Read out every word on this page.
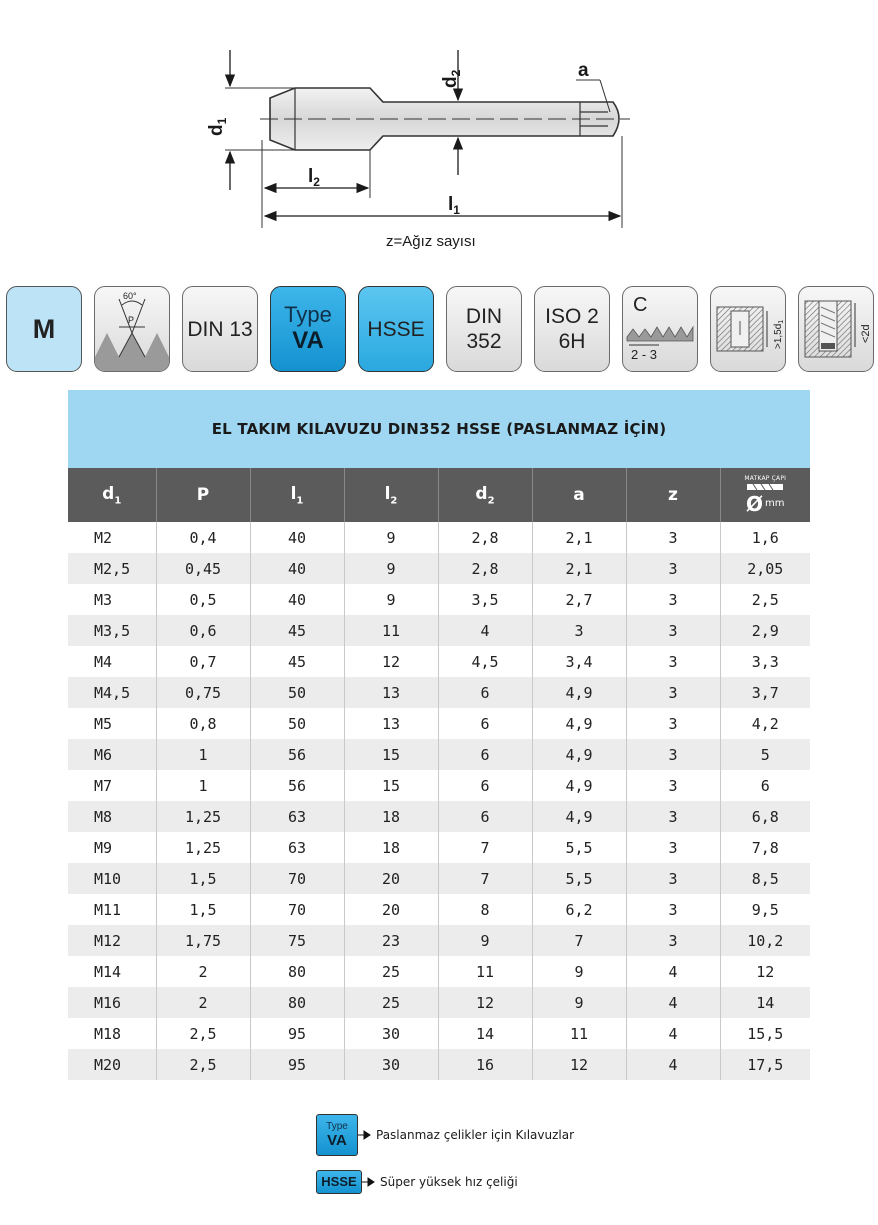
$d_1$
$d_2$	a
$l_2$
$l_1$
z=Ağız sayısı
M
60°
P	DIN 13
Type
VA HSSE
DIN
352
ISO 2
6H
C
2 - 3
$>1,5d_1$
<2d
EL TAKIM KILAVUZU DIN352 HSSE (PASLANMAZ İÇİN)
$d_1$	P	$l_1$	$l_2$	$d_2$	a	z	MATKAP ÇAPI
Ø mm

M2	0,4	40	9	2,8	2,1	3	1,6
M2,5	0,45	40	9	2,8	2,1	3	2,05
M3	0,5	40	9	3,5	2,7	3	2,5
M3,5	0,6	45	11	4	3	3	2,9
M4	0,7	45	12	4,5	3,4	3	3,3
M4,5	0,75	50	13	6	4,9	3	3,7
M5	0,8	50	13	6	4,9	3	4,2
M6	1	56	15	6	4,9	3	5
M7	1	56	15	6	4,9	3	6
M8	1,25	63	18	6	4,9	3	6,8
M9	1,25	63	18	7	5,5	3	7,8
M10	1,5	70	20	7	5,5	3	8,5
M11	1,5	70	20	8	6,2	3	9,5
M12	1,75	75	23	9	7	3	10,2
M14	2	80	25	11	9	4	12
M16	2	80	25	12	9	4	14
M18	2,5	95	30	14	11	4	15,5
M20	2,5	95	30	16	12	4	17,5
Type
VA	Paslanmaz çelikler için Kılavuzlar
HSSE	Süper yüksek hız çeliği
